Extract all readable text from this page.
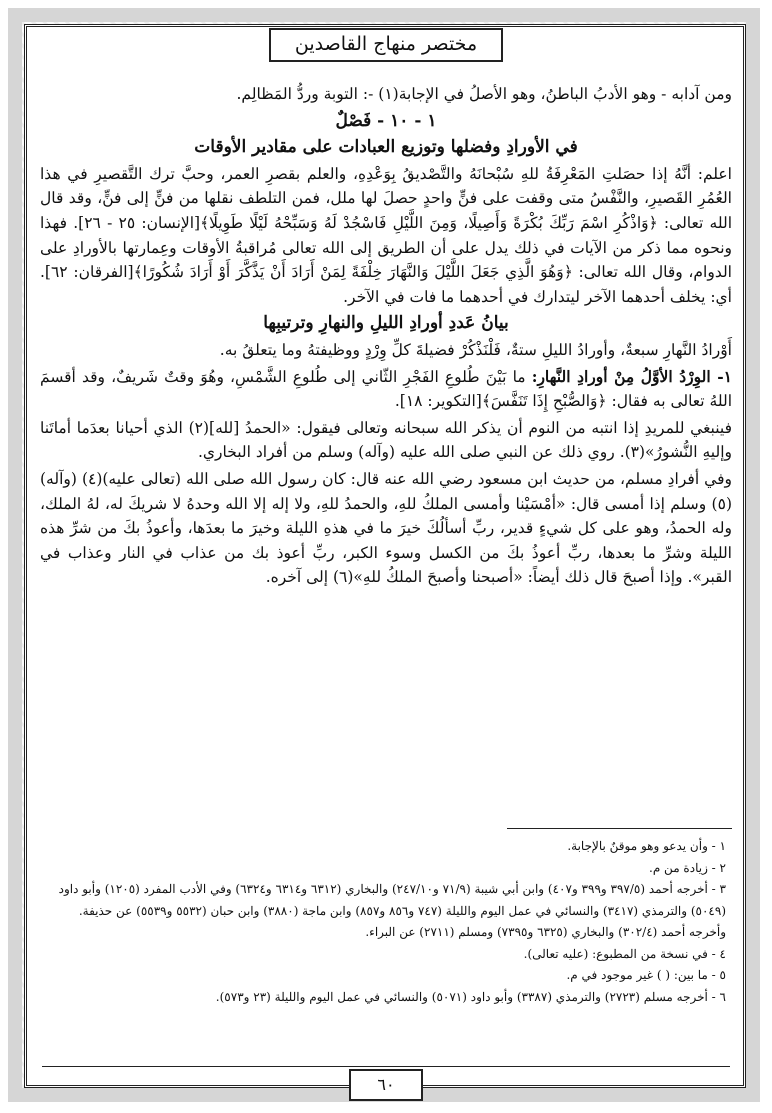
مختصر منهاج القاصدين

ومن آدابه - وهو الأدبُ الباطنُ، وهو الأصلُ في الإجابة(١) -: التوبة وردُّ المَظالِم.

١ - ١٠ - فَصْلٌ

في الأورادِ وفضلها وتوزيع العبادات على مقادير الأوقات

اعلم: أنَّهُ إذا حصَلتِ المَعْرِفَةُ للهِ سُبْحانَهُ والتَّصْديقُ بِوَعْدِهِ، والعلم بقصرِ العمر، وحبَّ ترك التَّقصيرِ في هذا العُمُرِ القَصيرِ، والنَّفْسُ متى وقفت على فنٍّ واحدٍ حصلَ لها ملل، فمن التلطف نقلها من فنٍّ إلى فنٍّ، وقد قال الله تعالى: ﴿وَاذْكُرِ اسْمَ رَبِّكَ بُكْرَةً وَأَصِيلًا، وَمِنَ اللَّيْلِ فَاسْجُدْ لَهُ وَسَبِّحْهُ لَيْلًا طَوِيلًا﴾[الإنسان: ٢٥ - ٢٦]. فهذا ونحوه مما ذكر من الآيات في ذلك يدل على أن الطريق إلى الله تعالى مُراقبةُ الأوقات وعِمارتها بالأورادِ على الدوام، وقال الله تعالى: ﴿وَهُوَ الَّذِي جَعَلَ اللَّيْلَ وَالنَّهَارَ خِلْفَةً لِمَنْ أَرَادَ أَنْ يَذَّكَّرَ أَوْ أَرَادَ شُكُورًا﴾[الفرقان: ٦٢]. أي: يخلف أحدهما الآخر ليتدارك في أحدهما ما فات في الآخر.

بيانُ عَددِ أورادِ الليلِ والنهارِ وترتيبِها

أَوْرادُ النَّهارِ سبعةٌ، وأورادُ الليلِ ستةٌ، فَلْنَذْكُرْ فضيلةَ كلِّ وِرْدٍ ووظيفتهُ وما يتعلقُ به.

١- الوِرْدُ الأوَّلُ مِنْ أورادِ النَّهارِ: ما بَيْنَ طُلوعِ الفَجْرِ الثّاني إلى طُلوعِ الشَّمْسِ، وهُوَ وقتٌ شَريفٌ، وقد أقسمَ اللهُ تعالى به فقال: ﴿وَالصُّبْحِ إِذَا تَنَفَّسَ﴾[التكوير: ١٨].

فينبغي للمريدِ إذا انتبه من النوم أن يذكر الله سبحانه وتعالى فيقول: «الحمدُ [لله](٢) الذي أحيانا بعدَما أماتَنا وإليهِ النُّشورُ»(٣). روي ذلك عن النبي صلى الله عليه (وآله) وسلم من أفراد البخاري.

وفي أفرادِ مسلم، من حديث ابن مسعود رضي الله عنه قال: كان رسول الله صلى الله (تعالى عليه)(٤) (وآله)(٥) وسلم إذا أمسى قال: «أمْسَيْنا وأمسى الملكُ للهِ، والحمدُ للهِ، ولا إله إلا الله وحدهُ لا شريكَ له، لهُ الملك، وله الحمدُ، وهو على كل شيءٍ قدير، ربِّ أسألُكَ خيرَ ما في هذهِ الليلة وخيرَ ما بعدَها، وأعوذُ بكَ من شرِّ هذه الليلة وشرِّ ما بعدها، ربِّ أعوذُ بكَ من الكسل وسوء الكبر، ربِّ أعوذ بك من عذاب في النار وعذاب في القبر». وإذا أصبحَ قال ذلك أيضاً: «أصبحنا وأصبحَ الملكُ للهِ»(٦) إلى آخره.

١ - وأن يدعو وهو موقنٌ بالإجابة.
٢ - زيادة من م.
٣ - أخرجه أحمد (٣٩٧/٥ و٣٩٩ و٤٠٧) وابن أبي شيبة (٧١/٩ و٢٤٧/١٠) والبخاري (٦٣١٢ و٦٣١٤ و٦٣٢٤) وفي الأدب المفرد (١٢٠٥) وأبو داود (٥٠٤٩) والترمذي (٣٤١٧) والنسائي في عمل اليوم والليلة (٧٤٧ و٨٥٦ و٨٥٧) وابن ماجة (٣٨٨٠) وابن حبان (٥٥٣٢ و٥٥٣٩) عن حذيفة.
وأخرجه أحمد (٣٠٢/٤) والبخاري (٦٣٢٥ و٧٣٩٥) ومسلم (٢٧١١) عن البراء.
٤ - في نسخة من المطبوع: (عليه تعالى).
٥ - ما بين: ( ) غير موجود في م.
٦ - أخرجه مسلم (٢٧٢٣) والترمذي (٣٣٨٧) وأبو داود (٥٠٧١) والنسائي في عمل اليوم والليلة (٢٣ و٥٧٣).
٦٠
